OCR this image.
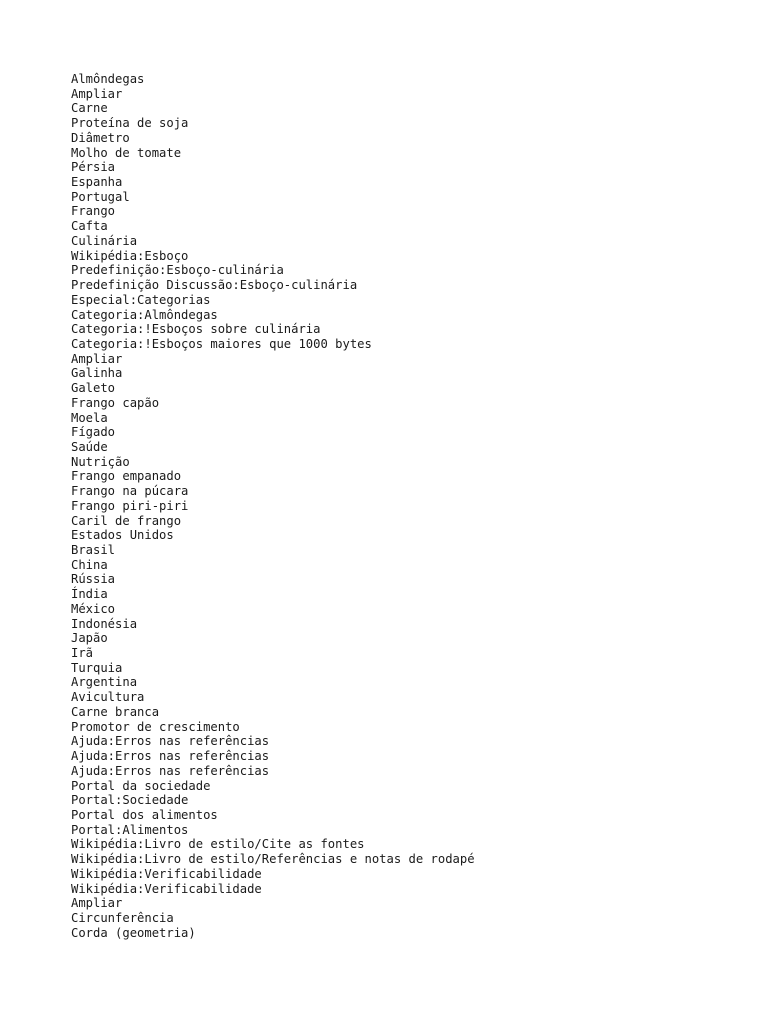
Almôndegas
Ampliar
Carne
Proteína de soja
Diâmetro
Molho de tomate
Pérsia
Espanha
Portugal
Frango
Cafta
Culinária
Wikipédia:Esboço
Predefinição:Esboço-culinária
Predefinição Discussão:Esboço-culinária
Especial:Categorias
Categoria:Almôndegas
Categoria:!Esboços sobre culinária
Categoria:!Esboços maiores que 1000 bytes
Ampliar
Galinha
Galeto
Frango capão
Moela
Fígado
Saúde
Nutrição
Frango empanado
Frango na púcara
Frango piri-piri
Caril de frango
Estados Unidos
Brasil
China
Rússia
Índia
México
Indonésia
Japão
Irã
Turquia
Argentina
Avicultura
Carne branca
Promotor de crescimento
Ajuda:Erros nas referências
Ajuda:Erros nas referências
Ajuda:Erros nas referências
Portal da sociedade
Portal:Sociedade
Portal dos alimentos
Portal:Alimentos
Wikipédia:Livro de estilo/Cite as fontes
Wikipédia:Livro de estilo/Referências e notas de rodapé
Wikipédia:Verificabilidade
Wikipédia:Verificabilidade
Ampliar
Circunferência
Corda (geometria)
